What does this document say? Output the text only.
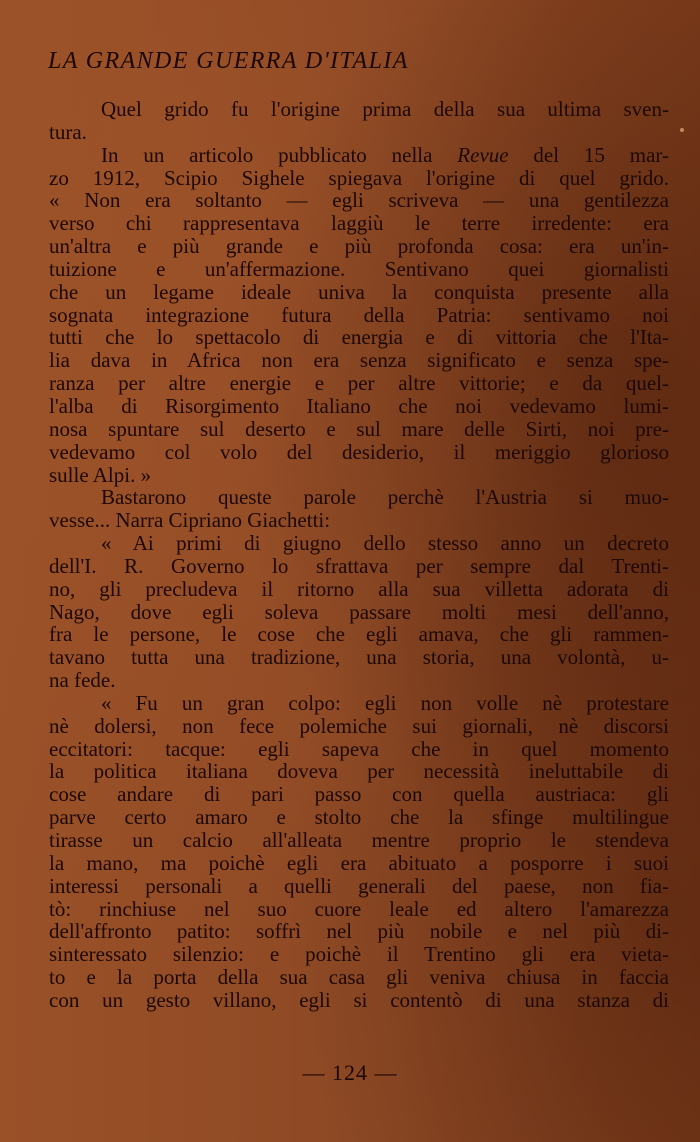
LA GRANDE GUERRA D'ITALIA
Quel grido fu l'origine prima della sua ultima sven-
tura.
In un articolo pubblicato nella Revue del 15 mar-
zo 1912, Scipio Sighele spiegava l'origine di quel grido.
« Non era soltanto — egli scriveva — una gentilezza
verso chi rappresentava laggiù le terre irredente: era
un'altra e più grande e più profonda cosa: era un'in-
tuizione e un'affermazione. Sentivano quei giornalisti
che un legame ideale univa la conquista presente alla
sognata integrazione futura della Patria: sentivamo noi
tutti che lo spettacolo di energia e di vittoria che l'Ita-
lia dava in Africa non era senza significato e senza spe-
ranza per altre energie e per altre vittorie; e da quel-
l'alba di Risorgimento Italiano che noi vedevamo lumi-
nosa spuntare sul deserto e sul mare delle Sirti, noi pre-
vedevamo col volo del desiderio, il meriggio glorioso
sulle Alpi. »
Bastarono queste parole perchè l'Austria si muo-
vesse... Narra Cipriano Giachetti:
« Ai primi di giugno dello stesso anno un decreto
dell'I. R. Governo lo sfrattava per sempre dal Trenti-
no, gli precludeva il ritorno alla sua villetta adorata di
Nago, dove egli soleva passare molti mesi dell'anno,
fra le persone, le cose che egli amava, che gli rammen-
tavano tutta una tradizione, una storia, una volontà, u-
na fede.
« Fu un gran colpo: egli non volle nè protestare
nè dolersi, non fece polemiche sui giornali, nè discorsi
eccitatori: tacque: egli sapeva che in quel momento
la politica italiana doveva per necessità ineluttabile di
cose andare di pari passo con quella austriaca: gli
parve certo amaro e stolto che la sfinge multilingue
tirasse un calcio all'alleata mentre proprio le stendeva
la mano, ma poichè egli era abituato a posporre i suoi
interessi personali a quelli generali del paese, non fia-
tò: rinchiuse nel suo cuore leale ed altero l'amarezza
dell'affronto patito: soffrì nel più nobile e nel più di-
sinteressato silenzio: e poichè il Trentino gli era vieta-
to e la porta della sua casa gli veniva chiusa in faccia
con un gesto villano, egli si contentò di una stanza di
— 124 —
